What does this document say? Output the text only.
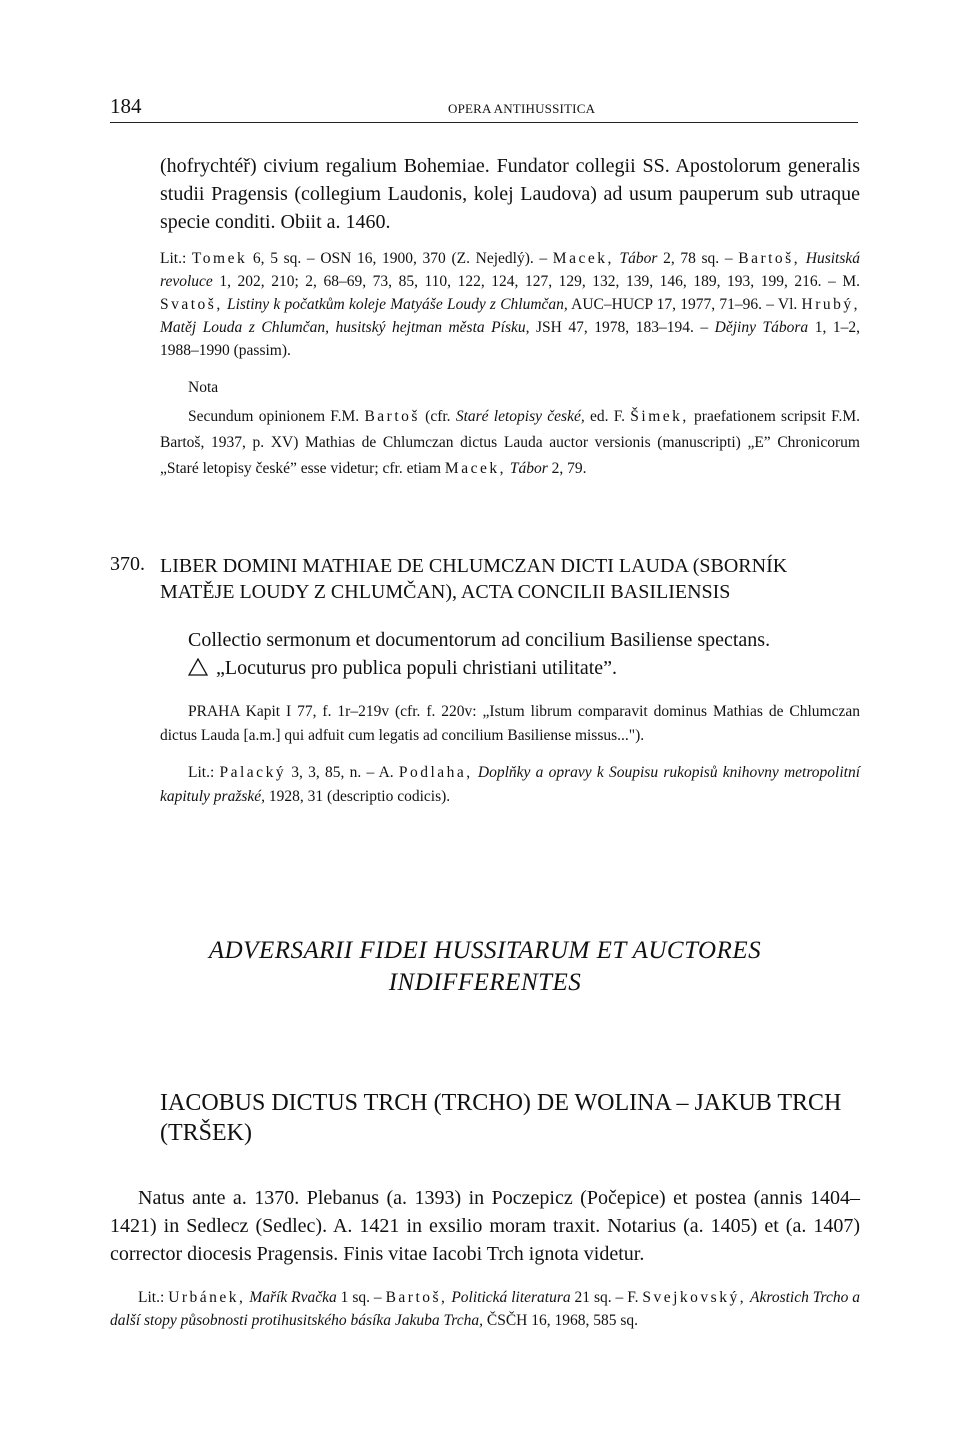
184	OPERA ANTIHUSSITICA
(hofrychtéř) civium regalium Bohemiae. Fundator collegii SS. Apostolorum generalis studii Pragensis (collegium Laudonis, kolej Laudova) ad usum pauperum sub utraque specie conditi. Obiit a. 1460.
Lit.: Tomek 6, 5 sq. – OSN 16, 1900, 370 (Z. Nejedlý). – Macek, Tábor 2, 78 sq. – Bartoš, Husitská revoluce 1, 202, 210; 2, 68–69, 73, 85, 110, 122, 124, 127, 129, 132, 139, 146, 189, 193, 199, 216. – M. Svatoš, Listiny k počatkům koleje Matyáše Loudy z Chlumčan, AUC–HUCP 17, 1977, 71–96. – Vl. Hrubý, Matěj Louda z Chlumčan, husitský hejtman města Písku, JSH 47, 1978, 183–194. – Dějiny Tábora 1, 1–2, 1988–1990 (passim).
Nota
Secundum opinionem F.M. Bartoš (cfr. Staré letopisy české, ed. F. Šimek, praefationem scripsit F.M. Bartoš, 1937, p. XV) Mathias de Chlumczan dictus Lauda auctor versionis (manuscripti) „E” Chronicorum „Staré letopisy české” esse videtur; cfr. etiam Macek, Tábor 2, 79.
370. LIBER DOMINI MATHIAE DE CHLUMCZAN DICTI LAUDA (SBORNÍK MATĚJE LOUDY Z CHLUMČAN), ACTA CONCILII BASILIENSIS
Collectio sermonum et documentorum ad concilium Basiliense spectans.
„Locuturus pro publica populi christiani utilitate”.
PRAHA Kapit I 77, f. 1r–219v (cfr. f. 220v: „Istum librum comparavit dominus Mathias de Chlumczan dictus Lauda [a.m.] qui adfuit cum legatis ad concilium Basiliense missus...").
Lit.: Palacký 3, 3, 85, n. – A. Podlaha, Doplňky a opravy k Soupisu rukopisů knihovny metropolitní kapituly pražské, 1928, 31 (descriptio codicis).
ADVERSARII FIDEI HUSSITARUM ET AUCTORES
INDIFFERENTES
IACOBUS DICTUS TRCH (TRCHO) DE WOLINA – JAKUB TRCH (TRŠEK)
Natus ante a. 1370. Plebanus (a. 1393) in Poczepicz (Počepice) et postea (annis 1404–1421) in Sedlecz (Sedlec). A. 1421 in exsilio moram traxit. Notarius (a. 1405) et (a. 1407) corrector diocesis Pragensis. Finis vitae Iacobi Trch ignota videtur.
Lit.: Urbánek, Mařík Rvačka 1 sq. – Bartoš, Politická literatura 21 sq. – F. Svejkovský, Akrostich Trcho a další stopy působnosti protihusitského básíka Jakuba Trcha, ČSČH 16, 1968, 585 sq.
